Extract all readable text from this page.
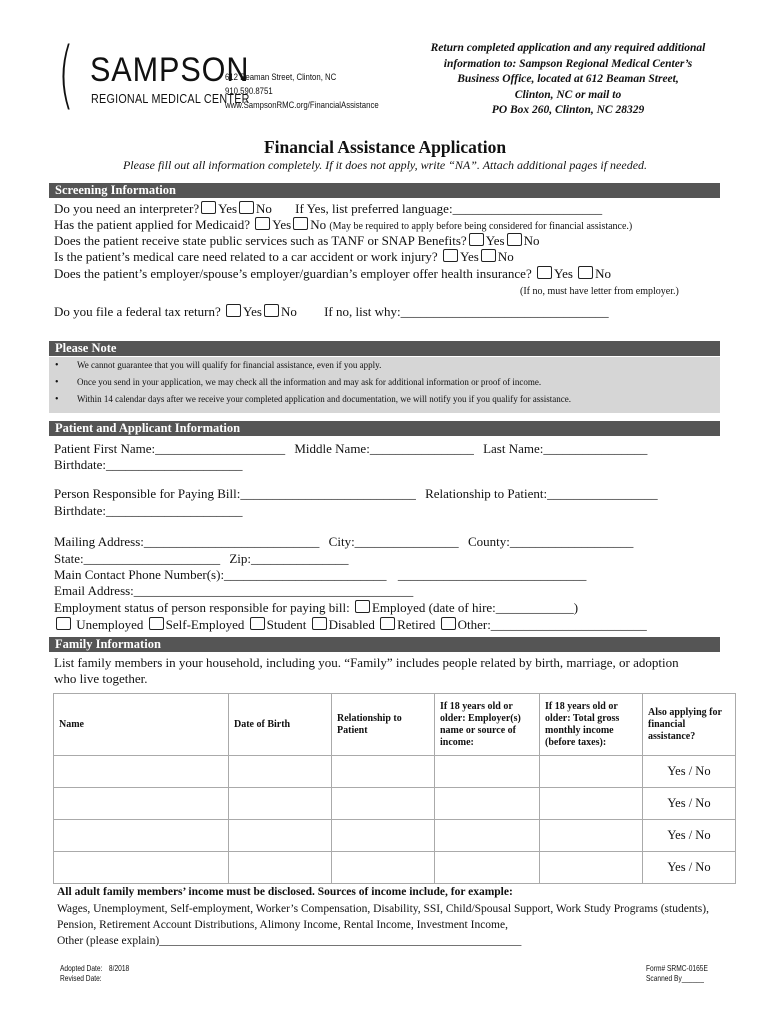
( SAMPSON
REGIONAL MEDICAL CENTER
612 Beaman Street, Clinton, NC
910.590.8751
www.SampsonRMC.org/FinancialAssistance
Return completed application and any required additional
information to: Sampson Regional Medical Center’s
Business Office, located at 612 Beaman Street,
Clinton, NC or mail to
PO Box 260, Clinton, NC 28329
Financial Assistance Application
Please fill out all information completely. If it does not apply, write “NA”. Attach additional pages if needed.
Screening Information
Do you need an interpreter? Yes No If Yes, list preferred language:_______________________
Has the patient applied for Medicaid? Yes No (May be required to apply before being considered for financial assistance.)
Does the patient receive state public services such as TANF or SNAP Benefits? Yes No
Is the patient’s medical care need related to a car accident or work injury? Yes No
Does the patient’s employer/spouse’s employer/guardian’s employer offer health insurance? Yes No
(If no, must have letter from employer.)
Do you file a federal tax return? Yes No If no, list why:________________________________
Please Note
• We cannot guarantee that you will qualify for financial assistance, even if you apply.
• Once you send in your application, we may check all the information and may ask for additional information or proof of income.
• Within 14 calendar days after we receive your completed application and documentation, we will notify you if you qualify for assistance.
Patient and Applicant Information
Patient First Name:____________________ Middle Name:________________ Last Name:________________
Birthdate:_____________________
Person Responsible for Paying Bill:___________________________ Relationship to Patient:_________________
Birthdate:_____________________
Mailing Address:___________________________ City:________________ County:___________________
State:_____________________ Zip:_______________
Main Contact Phone Number(s):_________________________ _____________________________
Email Address:___________________________________________
Employment status of person responsible for paying bill: Employed (date of hire:____________)
Unemployed Self-Employed Student Disabled Retired Other:________________________
Family Information
List family members in your household, including you. “Family” includes people related by birth, marriage, or adoption who live together.
Name	Date of Birth	Relationship to Patient	If 18 years old or older: Employer(s) name or source of income:	If 18 years old or older: Total gross monthly income (before taxes):	Also applying for financial assistance?
					Yes / No
					Yes / No
					Yes / No
					Yes / No
All adult family members’ income must be disclosed. Sources of income include, for example:
Wages, Unemployment, Self-employment, Worker’s Compensation, Disability, SSI, Child/Spousal Support, Work Study Programs (students), Pension, Retirement Account Distributions, Alimony Income, Rental Income, Investment Income,
Other (please explain)_______________________________________________________________
Adopted Date: 8/2018
Revised Date:
Form# SRMC-0165E
Scanned By______
